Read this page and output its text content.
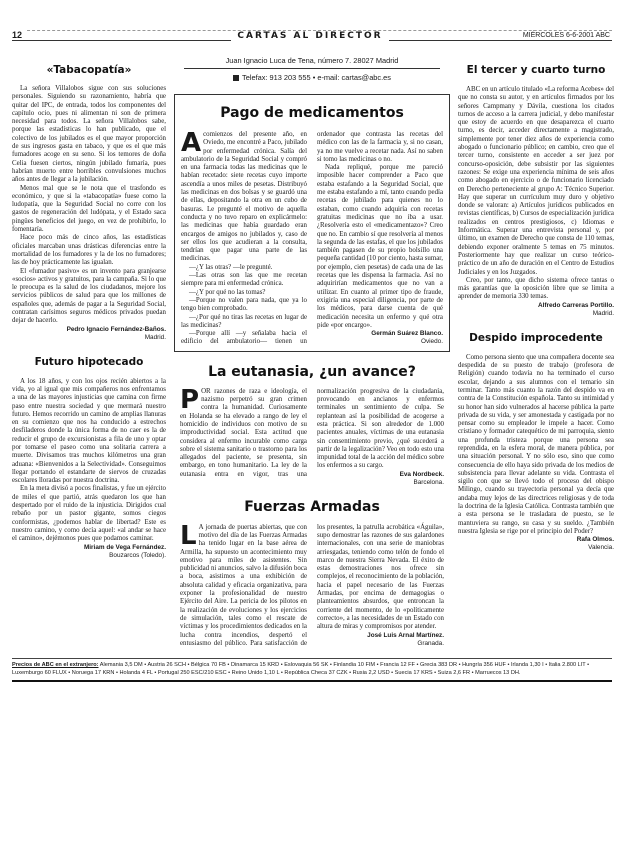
12	CARTAS AL DIRECTOR	MIÉRCOLES 6-6-2001 ABC
«Tabacopatía»

La señora Villalobos sigue con sus soluciones personales. Siguiendo su razonamiento, habría que quitar del IPC, de entrada, todos los componentes del capítulo ocio, pues ni alimentan ni son de primera necesidad para todos. La señora Villalobos sabe, porque las estadísticas lo han publicado, que el colectivo de los jubilados es el que mayor proporción de sus ingresos gasta en tabaco, y que es el que más fumadores acoge en su seno. Si los temores de doña Celia fuesen ciertos, ningún jubilado fumaría, pues habrían muerto entre horribles convulsiones muchos años antes de llegar a la jubilación.

Menos mal que se le nota que el trasfondo es económico, y que si la «tabacopatía» fuese como la ludopatía, que la Seguridad Social no corre con los gastos de regeneración del ludópata, y el Estado saca pingües beneficios del juego, en vez de prohibirlo, lo fomentaría.

Hace poco más de cinco años, las estadísticas oficiales marcaban unas drásticas diferencias entre la mortalidad de los fumadores y la de los no fumadores; las de hoy prácticamente las igualan.

El «fumador pasivo» es un invento para granjearse «socios» activos y gratuitos, para la campaña. Si lo que le preocupa es la salud de los ciudadanos, mejore los servicios públicos de salud para que los millones de españoles que, además de pagar a la Seguridad Social, contratan carísimos seguros médicos privados puedan dejar de hacerlo.

Pedro Ignacio Fernández-Baños.
Madrid.
Futuro hipotecado

A los 18 años, y con los ojos recién abiertos a la vida, yo al igual que mis compañeros nos enfrentamos a una de las mayores injusticias que camina con firme paso entre nuestra sociedad y que mermará nuestro futuro. Hemos recorrido un camino de amplias llanuras en su comienzo que nos ha conducido a estrechos desfiladeros donde la única forma de no caer es la de reducir el grupo de excursionistas a fila de uno y optar por tomarse el paseo como una solitaria carrera a muerte. Divisamos tras muchos kilómetros una gran aduana: «Bienvenidos a la Selectividad». Conseguimos llegar portando el estandarte de siervos de cruzadas escolares lloradas por nuestra doctrina.

En la meta divisó a pocos finalistas, y fue un ejército de miles el que partió, atrás quedaron los que han despertado por el ruido de la injusticia. Dirigidos cual rebaño por un pastor gigante, somos ciegos conformistas, ¿podemos hablar de libertad? Este es nuestro camino, y como decía aquel: «al andar se hace el camino», dejémonos pues que podamos caminar.

Miriam de Vega Fernández.
Bouzarcos (Toledo).
Juan Ignacio Luca de Tena, número 7. 28027 Madrid
Telefax: 913 203 555 • e-mail: cartas@abc.es
Pago de medicamentos

Acomienzos del presente año, en Oviedo, me encontré a Paco, jubilado por enfermedad crónica. Salía del ambulatorio de la Seguridad Social y compró en una farmacia todas las medicinas que le habían recetado: siete recetas cuyo importe ascendía a unos miles de pesetas. Distribuyó las medicinas en dos bolsas y se guardó una de ellas, depositando la otra en un cubo de basuras. Le pregunté el motivo de aquella conducta y no tuvo reparo en explicármelo: las medicinas que había guardado eran encargos de amigos no jubilados y, caso de ser ellos los que acudieran a la consulta, tendrían que pagar una parte de las medicinas.

—¿Y las otras? —le pregunté.

—Las otras son las que me recetan siempre para mi enfermedad crónica.

—¿Y por qué no las tomas?

—Porque no valen para nada, que ya lo tengo bien comprobado.

—¿Por qué no tiras las recetas en lugar de las medicinas?

—Porque allí —y señalaba hacia el edificio del ambulatorio— tienen un ordenador que contrasta las recetas del médico con las de la farmacia y, si no casan, ya no me vuelve a recetar nada. Así no saben si tomo las medicinas o no.

Nada repliqué, porque me pareció imposible hacer comprender a Paco que estaba estafando a la Seguridad Social, que me estaba estafando a mí, tanto cuando pedía recetas de jubilado para quienes no lo estaban, como cuando adquiría con recetas gratuitas medicinas que no iba a usar. ¿Resolvería esto el «medicamentazo»? Creo que no. En cambio sí que resolvería al menos la segunda de las estafas, el que los jubilados también pagasen de su propio bolsillo una pequeña cantidad (10 por ciento, hasta sumar, por ejemplo, cien pesetas) de cada una de las recetas que les dispensa la farmacia. Así no adquirirían medicamentos que no van a utilizar. En cuanto al primer tipo de fraude, exigiría una especial diligencia, por parte de los médicos, para darse cuenta de qué medicación necesita un enfermo y qué otra pide «por encargo».

Germán Suárez Blanco.
Oviedo.
La eutanasia, ¿un avance?

POR razones de raza e ideología, el nazismo perpetró su gran crimen contra la humanidad. Curiosamente en Holanda se ha elevado a rango de ley el homicidio de individuos con motivo de su improductividad social. Esta actitud que considera al enfermo incurable como carga sobre el sistema sanitario o trastorno para los allegados del paciente, se presenta, sin embargo, en tono humanitario. La ley de la eutanasia entra en vigor, tras una normalización progresiva de la ciudadanía, provocando en ancianos y enfermos terminales un sentimiento de culpa. Se replantean así la posibilidad de acogerse a esta práctica. Si son alrededor de 1.000 pacientes anuales, víctimas de una eutanasia sin consentimiento previo, ¿qué sucederá a partir de la legalización? Veo en todo esto una impunidad total de la acción del médico sobre los enfermos a su cargo.

Eva Nordbeck.
Barcelona.
Fuerzas Armadas

LA jornada de puertas abiertas, que con motivo del día de las Fuerzas Armadas ha tenido lugar en la base aérea de Armilla, ha supuesto un acontecimiento muy emotivo para miles de asistentes. Sin publicidad ni anuncios, salvo la difusión boca a boca, asistimos a una exhibición de absoluta calidad y eficacia organizativa, para exponer la profesionalidad de nuestro Ejército del Aire. La pericia de los pilotos en la realización de evoluciones y los ejercicios de simulación, tales como el rescate de víctimas y los procedimientos dedicados en la lucha contra incendios, despertó el entusiasmo del público. Para satisfacción de los presentes, la patrulla acrobática «Águila», supo demostrar las razones de sus galardones internacionales, con una serie de maniobras arriesgadas, teniendo como telón de fondo el marco de nuestra Sierra Nevada. El éxito de estas demostraciones nos ofrece sin complejos, el reconocimiento de la población, hacia el papel necesario de las Fuerzas Armadas, por encima de demagogias o planteamientos absurdos, que entroncan la corriente del momento, de lo «políticamente correcto», a las necesidades de un Estado con altura de miras y compromisos por atender.

José Luis Arnal Martínez.
Granada.
El tercer y cuarto turno

ABC en un artículo titulado «La reforma Acebes» del que no consta su autor, y en artículos firmados por los señores Campmany y Dávila, cuestiona los citados turnos de acceso a la carrera judicial, y debo manifestar que estoy de acuerdo en que desaparezca el cuarto turno, es decir, acceder directamente a magistrado, simplemente por tener diez años de experiencia como abogado o funcionario público; en cambio, creo que el tercer turno, consistente en acceder a ser juez por concurso-oposición, debe subsistir por las siguientes razones: Se exige una experiencia mínima de seis años como abogado en ejercicio o de funcionario licenciado en Derecho perteneciente al grupo A: Técnico Superior. Hay que superar un currículum muy duro y objetivo donde se valoran: a) Artículos jurídicos publicados en revistas científicas, b) Cursos de especialización jurídica realizados en centros prestigiosos, c) Idiomas e Informática. Superar una entrevista personal y, por último, un examen de Derecho que consta de 110 temas, debiendo exponer oralmente 5 temas en 75 minutos. Posteriormente hay que realizar un curso teórico-práctico de un año de duración en el Centro de Estudios Judiciales y en los Juzgados.

Creo, por tanto, que dicho sistema ofrece tantas o más garantías que la oposición libre que se limita a aprender de memoria 330 temas.

Alfredo Carreras Portillo.
Madrid.
Despido improcedente

Como persona siento que una compañera docente sea despedida de su puesto de trabajo (profesora de Religión) cuando todavía no ha terminado el curso escolar, dejando a sus alumnos con el temario sin terminar. Tanto más cuanto la razón del despido va en contra de la Constitución española. Tanto su intimidad y su honor han sido vulnerados al hacerse pública la parte privada de su vida, y ser amonestada y castigada por no pensar como su empleador le impele a hacer. Como cristiano y formador catequético de mi parroquia, siento una profunda tristeza porque una persona sea reprendida, en la esfera moral, de manera pública, por una situación personal. Y no sólo eso, sino que como consecuencia de ello haya sido privada de los medios de subsistencia para llevar adelante su vida. Contrasta el sigilo con que se llevó todo el proceso del obispo Milingo, cuando su trayectoria personal ya decía que andaba muy lejos de las directrices religiosas y de toda la doctrina de la Iglesia Católica. Contrasta también que a esta persona se le trasladara de puesto, se le mantuviera su rango, su casa y su sueldo. ¿También nuestra Iglesia se rige por el principio del Poder?

Rafa Olmos.
Valencia.
Precios de ABC en el extranjero: Alemania 3,5 DM • Austria 26 SCH • Bélgica 70 FB • Dinamarca 15 KRD • Eslovaquia 56 SK • Finlandia 10 FIM • Francia 12 FF • Grecia 383 DR • Hungría 356 HUF • Irlanda 1,30 I • Italia 2.800 LIT • Luxemburgo 60 FLUX • Noruega 17 KRN • Holanda 4 FL • Portugal 250 ESC/210 ESC • Reino Unido 1,10 L • República Checa 37 CZK • Rusia 2,2 USD • Suecia 17 KRS • Suiza 2,6 FR • Marruecos 13 DH.
